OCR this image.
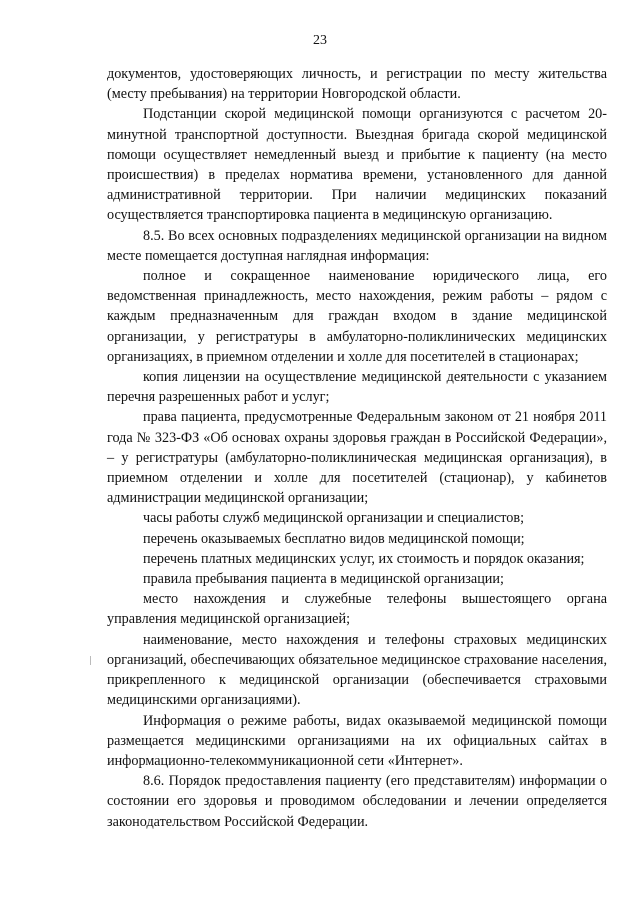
23

документов, удостоверяющих личность, и регистрации по месту жительства (месту пребывания) на территории Новгородской области.

Подстанции скорой медицинской помощи организуются с расчетом 20-минутной транспортной доступности. Выездная бригада скорой медицинской помощи осуществляет немедленный выезд и прибытие к пациенту (на место происшествия) в пределах норматива времени, установленного для данной административной территории. При наличии медицинских показаний осуществляется транспортировка пациента в медицинскую организацию.

8.5. Во всех основных подразделениях медицинской организации на видном месте помещается доступная наглядная информация:

полное и сокращенное наименование юридического лица, его ведомственная принадлежность, место нахождения, режим работы – рядом с каждым предназначенным для граждан входом в здание медицинской организации, у регистратуры в амбулаторно-поликлинических медицинских организациях, в приемном отделении и холле для посетителей в стационарах;

копия лицензии на осуществление медицинской деятельности с указанием перечня разрешенных работ и услуг;

права пациента, предусмотренные Федеральным законом от 21 ноября 2011 года № 323-ФЗ «Об основах охраны здоровья граждан в Российской Федерации», – у регистратуры (амбулаторно-поликлиническая медицинская организация), в приемном отделении и холле для посетителей (стационар), у кабинетов администрации медицинской организации;

часы работы служб медицинской организации и специалистов;

перечень оказываемых бесплатно видов медицинской помощи;

перечень платных медицинских услуг, их стоимость и порядок оказания;

правила пребывания пациента в медицинской организации;

место нахождения и служебные телефоны вышестоящего органа управления медицинской организацией;

наименование, место нахождения и телефоны страховых медицинских организаций, обеспечивающих обязательное медицинское страхование населения, прикрепленного к медицинской организации (обеспечивается страховыми медицинскими организациями).

Информация о режиме работы, видах оказываемой медицинской помощи размещается медицинскими организациями на их официальных сайтах в информационно-телекоммуникационной сети «Интернет».

8.6. Порядок предоставления пациенту (его представителям) информации о состоянии его здоровья и проводимом обследовании и лечении определяется законодательством Российской Федерации.
